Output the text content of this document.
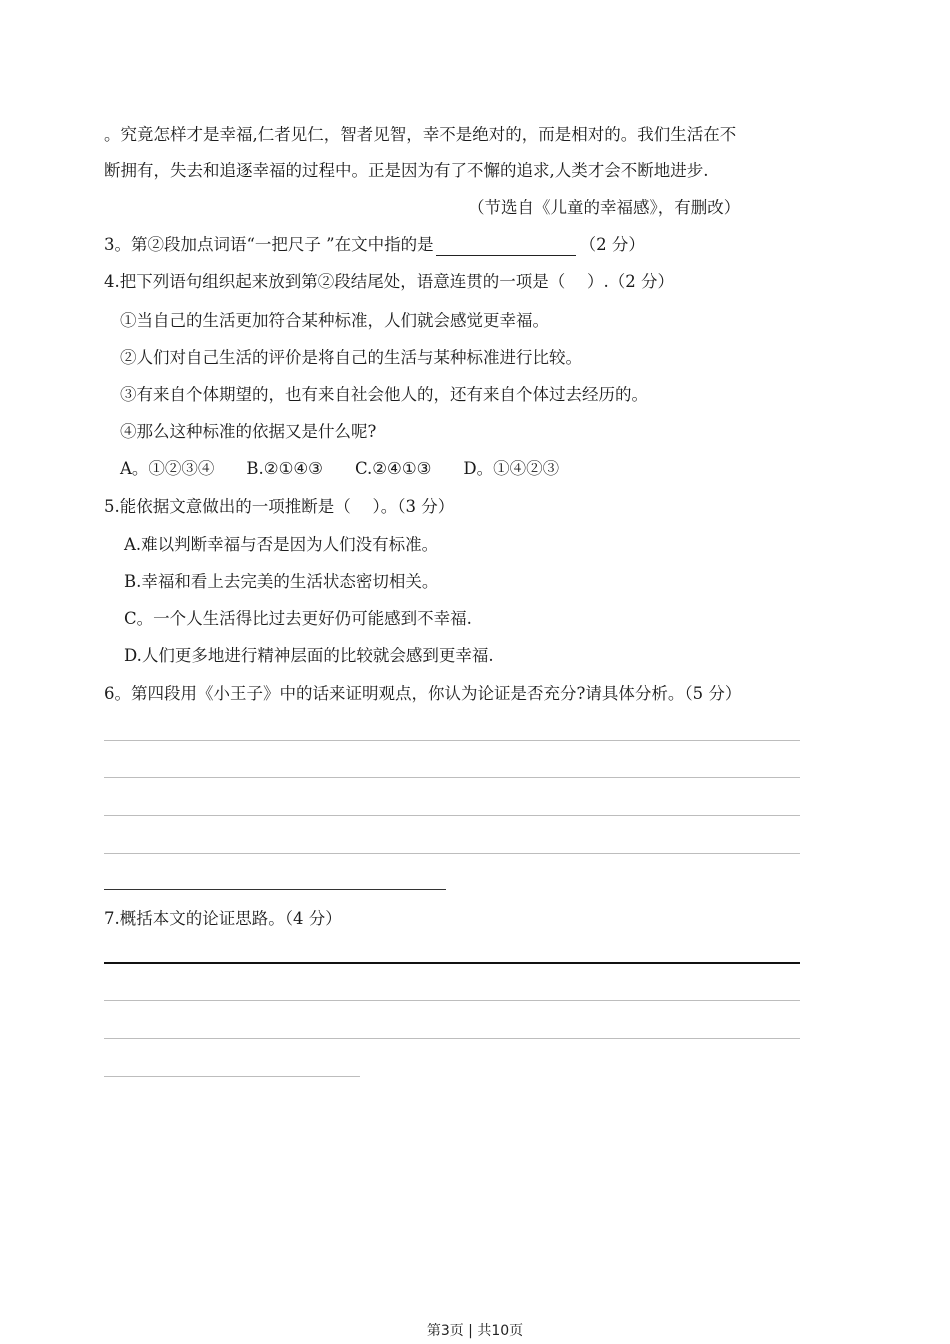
。究竟怎样才是幸福,仁者见仁，智者见智，幸不是绝对的，而是相对的。我们生活在不
断拥有，失去和追逐幸福的过程中。正是因为有了不懈的追求,人类才会不断地进步.
（节选自《儿童的幸福感》，有删改）
3。第②段加点词语“一把尺子 ”在文中指的是	（2 分）
4.把下列语句组织起来放到第②段结尾处，语意连贯的一项是（　 ）.（2 分）
①当自己的生活更加符合某种标准，人们就会感觉更幸福。
②人们对自己生活的评价是将自己的生活与某种标准进行比较。
③有来自个体期望的，也有来自社会他人的，还有来自个体过去经历的。
④那么这种标准的依据又是什么呢?
A。①②③④ B.②①④③ C.②④①③ D。①④②③
5.能依据文意做出的一项推断是（　 ）。（3 分）
A.难以判断幸福与否是因为人们没有标准。
B.幸福和看上去完美的生活状态密切相关。
C。一个人生活得比过去更好仍可能感到不幸福.
D.人们更多地进行精神层面的比较就会感到更幸福.
6。第四段用《小王子》中的话来证明观点，你认为论证是否充分?请具体分析。（5 分）
7.概括本文的论证思路。（4 分）
第3页 | 共10页
